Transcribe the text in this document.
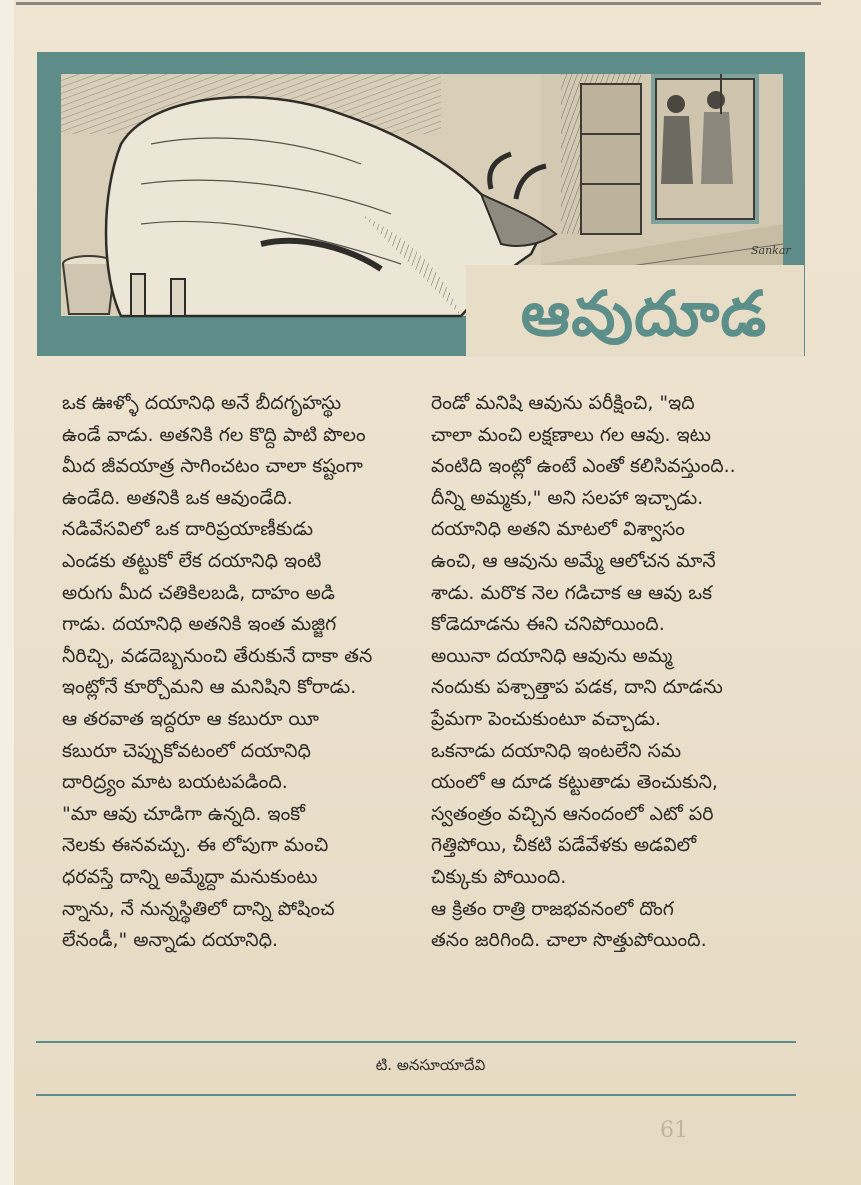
Sankar
ఆవుదూడ

ఒక ఊళ్ళో దయానిధి అనే బీదగృహస్థు
ఉండే వాడు. అతనికి గల కొద్ది పాటి పొలం
మీద జీవయాత్ర సాగించటం చాలా కష్టంగా
ఉండేది. అతనికి ఒక ఆవుండేది.

నడివేసవిలో ఒక దారిప్రయాణీకుడు
ఎండకు తట్టుకో లేక దయానిధి ఇంటి
అరుగు మీద చతికిలబడి, దాహం అడి
గాడు. దయానిధి అతనికి ఇంత మజ్జిగ
నీరిచ్చి, వడదెబ్బనుంచి తేరుకునే దాకా తన
ఇంట్లోనే కూర్చోమని ఆ మనిషిని కోరాడు.

ఆ తరవాత ఇద్దరూ ఆ కబురూ యీ
కబురూ చెప్పుకోవటంలో దయానిధి
దారిద్ర్యం మాట బయటపడింది.

"మా ఆవు చూడిగా ఉన్నది. ఇంకో
నెలకు ఈనవచ్చు. ఈ లోపుగా మంచి
ధరవస్తే దాన్ని అమ్మేద్దా మనుకుంటు
న్నాను, నే నున్నస్థితిలో దాన్ని పోషించ
లేనండీ," అన్నాడు దయానిధి.

రెండో మనిషి ఆవును పరీక్షించి, "ఇది
చాలా మంచి లక్షణాలు గల ఆవు. ఇటు
వంటిది ఇంట్లో ఉంటే ఎంతో కలిసివస్తుంది..
దీన్ని అమ్మకు," అని సలహా ఇచ్చాడు.

దయానిధి అతని మాటలో విశ్వాసం
ఉంచి, ఆ ఆవును అమ్మే ఆలోచన మానే
శాడు. మరొక నెల గడిచాక ఆ ఆవు ఒక
కోడెదూడను ఈని చనిపోయింది.

అయినా దయానిధి ఆవును అమ్మ
నందుకు పశ్చాత్తాప పడక, దాని దూడను
ప్రేమగా పెంచుకుంటూ వచ్చాడు.

ఒకనాడు దయానిధి ఇంటలేని సమ
యంలో ఆ దూడ కట్టుతాడు తెంచుకుని,
స్వతంత్రం వచ్చిన ఆనందంలో ఎటో పరి
గెత్తిపోయి, చీకటి పడేవేళకు అడవిలో
చిక్కుకు పోయింది.

ఆ క్రితం రాత్రి రాజభవనంలో దొంగ
తనం జరిగింది. చాలా సొత్తుపోయింది.

టి. అనసూయాదేవి
61
